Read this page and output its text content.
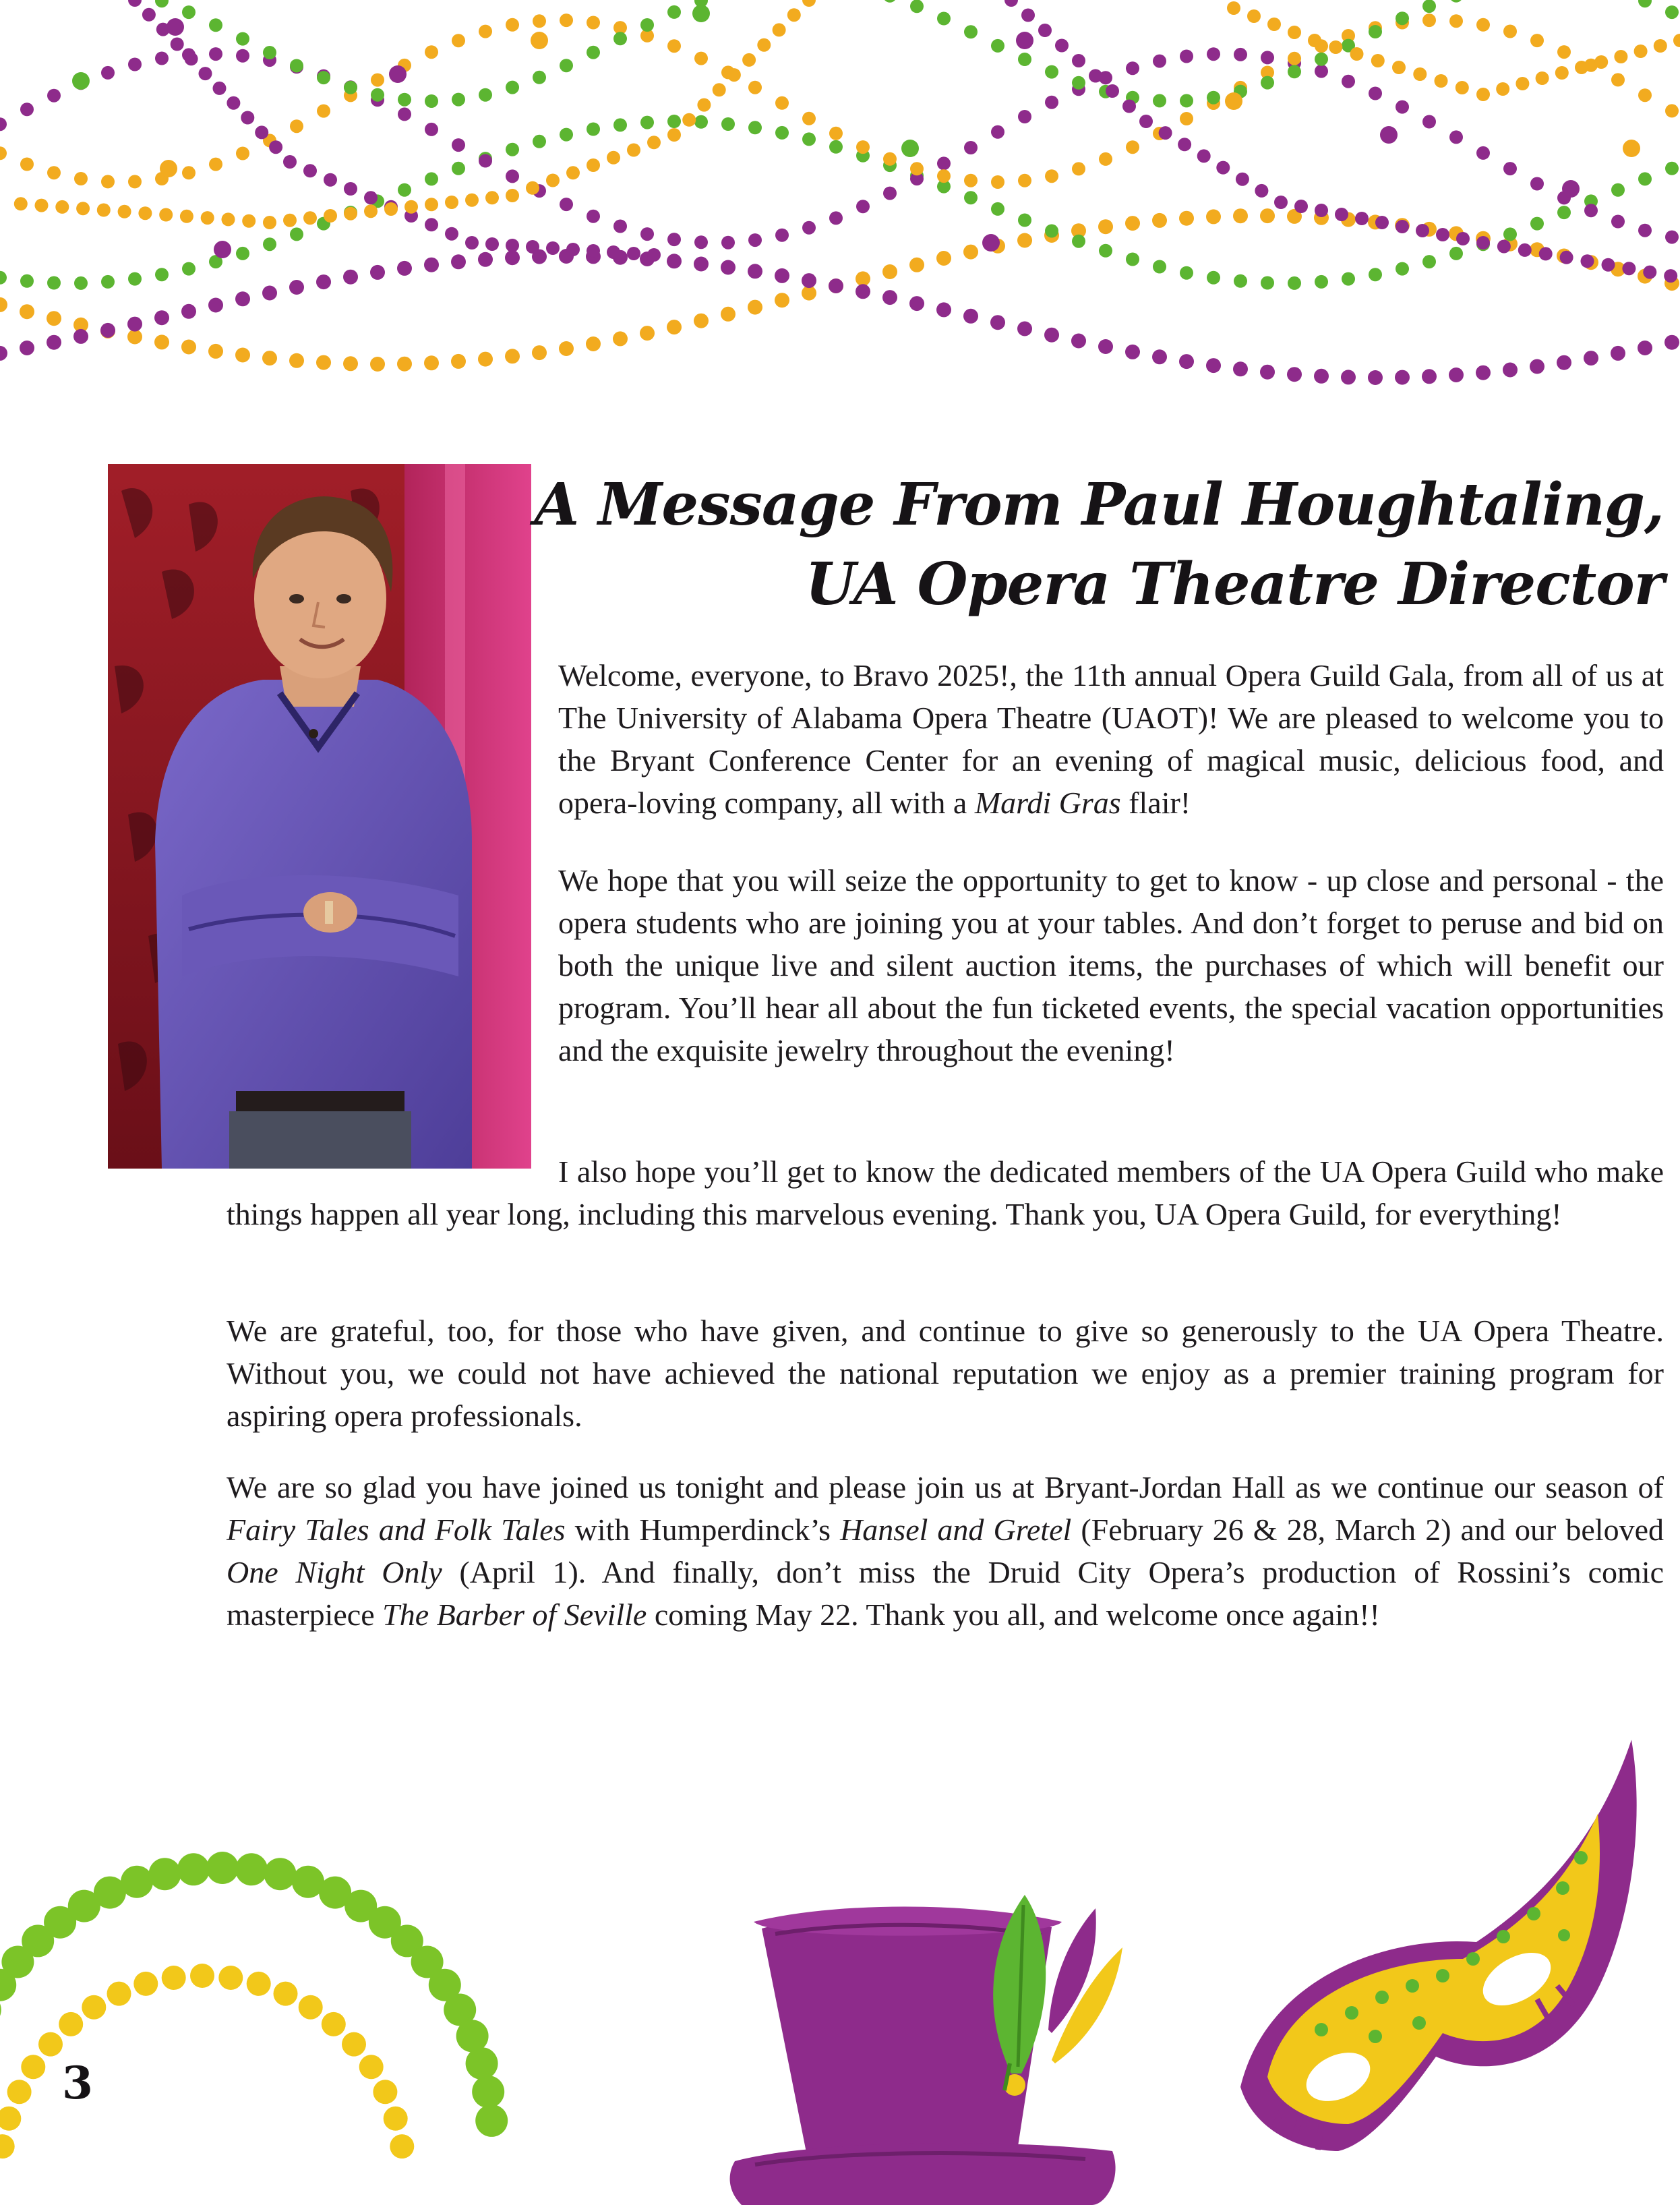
A Message From Paul Houghtaling,
UA Opera Theatre Director

Welcome, everyone, to Bravo 2025!, the 11th annual Opera Guild Gala, from all of us at The University of Alabama Opera Theatre (UAOT)! We are pleased to welcome you to the Bryant Conference Center for an evening of magical music, delicious food, and opera-loving company, all with a Mardi Gras flair!

We hope that you will seize the opportunity to get to know - up close and personal - the opera students who are joining you at your tables. And don’t forget to peruse and bid on both the unique live and silent auction items, the purchases of which will benefit our program. You’ll hear all about the fun ticketed events, the special vacation opportunities and the exquisite jewelry throughout the evening!

I also hope you’ll get to know the dedicated members of the UA Opera Guild who make things happen all year long, including this marvelous evening. Thank you, UA Opera Guild, for everything!

We are grateful, too, for those who have given, and continue to give so generously to the UA Opera Theatre. Without you, we could not have achieved the national reputation we enjoy as a premier training program for aspiring opera professionals.

We are so glad you have joined us tonight and please join us at Bryant-Jordan Hall as we continue our season of Fairy Tales and Folk Tales with Humperdinck’s Hansel and Gretel (February 26 & 28, March 2) and our beloved One Night Only (April 1). And finally, don’t miss the Druid City Opera’s production of Rossini’s comic masterpiece The Barber of Seville coming May 22. Thank you all, and welcome once again!!

3
